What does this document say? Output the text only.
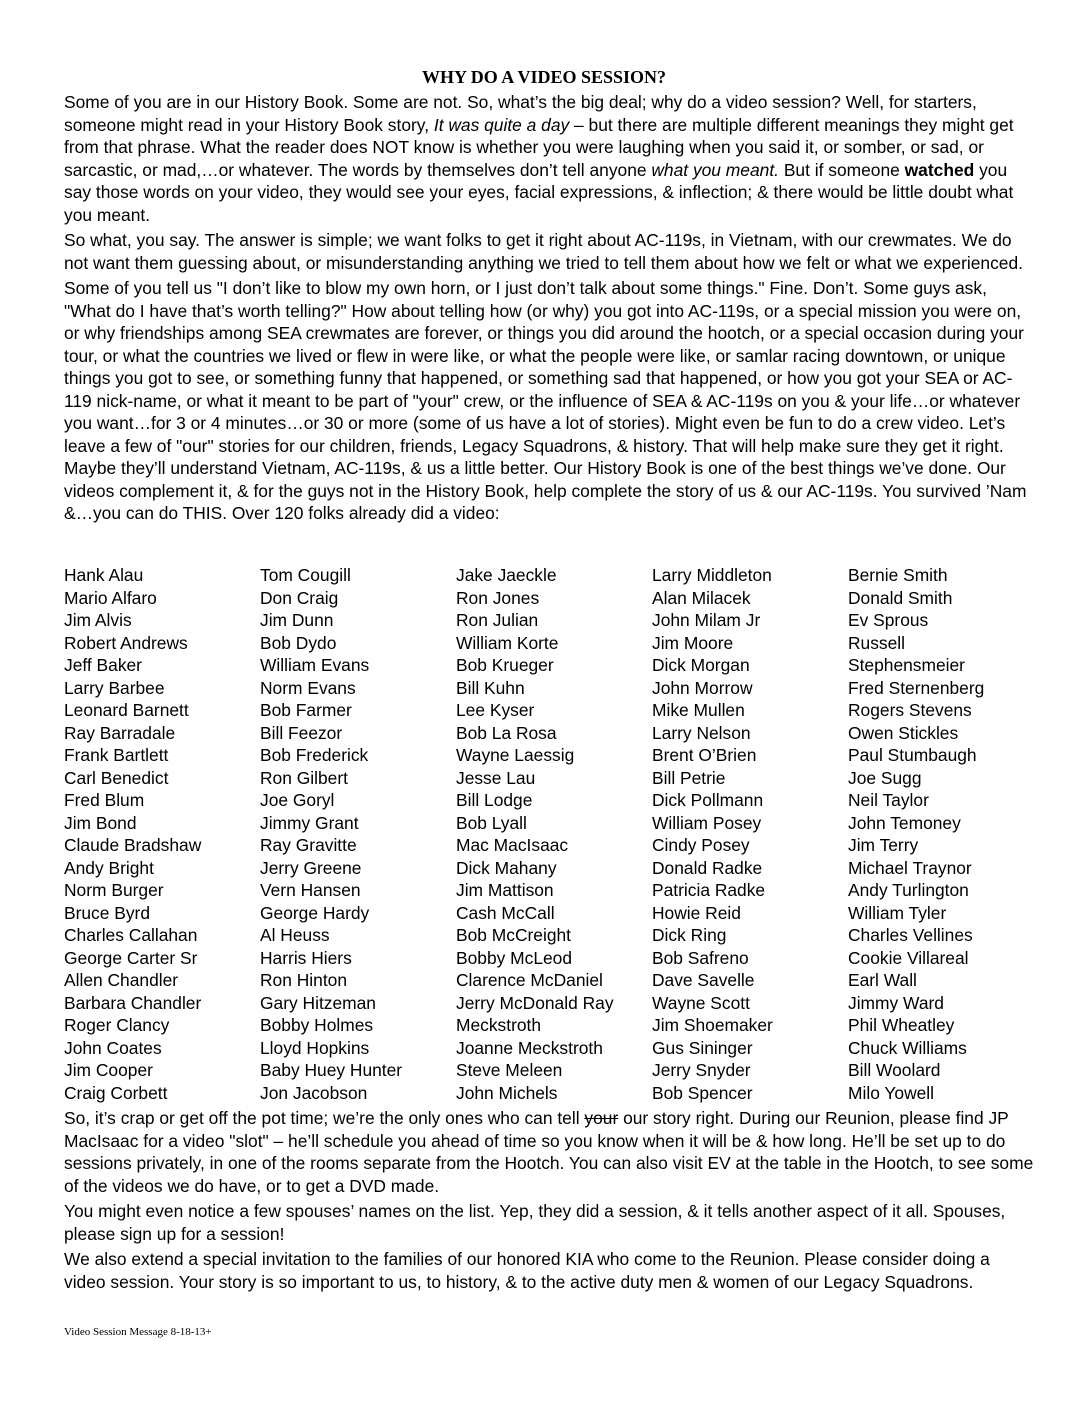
WHY DO A VIDEO SESSION?

Some of you are in our History Book. Some are not. So, what’s the big deal; why do a video session? Well, for starters, someone might read in your History Book story, It was quite a day – but there are multiple different meanings they might get from that phrase. What the reader does NOT know is whether you were laughing when you said it, or somber, or sad, or sarcastic, or mad,…or whatever. The words by themselves don’t tell anyone what you meant. But if someone watched you say those words on your video, they would see your eyes, facial expressions, & inflection; & there would be little doubt what you meant.

So what, you say. The answer is simple; we want folks to get it right about AC-119s, in Vietnam, with our crewmates. We do not want them guessing about, or misunderstanding anything we tried to tell them about how we felt or what we experienced.

Some of you tell us "I don’t like to blow my own horn, or I just don’t talk about some things." Fine. Don’t. Some guys ask, "What do I have that’s worth telling?" How about telling how (or why) you got into AC-119s, or a special mission you were on, or why friendships among SEA crewmates are forever, or things you did around the hootch, or a special occasion during your tour, or what the countries we lived or flew in were like, or what the people were like, or samlar racing downtown, or unique things you got to see, or something funny that happened, or something sad that happened, or how you got your SEA or AC-119 nick-name, or what it meant to be part of "your" crew, or the influence of SEA & AC-119s on you & your life…or whatever you want…for 3 or 4 minutes…or 30 or more (some of us have a lot of stories). Might even be fun to do a crew video. Let’s leave a few of "our" stories for our children, friends, Legacy Squadrons, & history. That will help make sure they get it right. Maybe they’ll understand Vietnam, AC-119s, & us a little better. Our History Book is one of the best things we’ve done. Our videos complement it, & for the guys not in the History Book, help complete the story of us & our AC-119s. You survived ’Nam &…you can do THIS. Over 120 folks already did a video:

Hank Alau
Mario Alfaro
Jim Alvis
Robert Andrews
Jeff Baker
Larry Barbee
Leonard Barnett
Ray Barradale
Frank Bartlett
Carl Benedict
Fred Blum
Jim Bond
Claude Bradshaw
Andy Bright
Norm Burger
Bruce Byrd
Charles Callahan
George Carter Sr
Allen Chandler
Barbara Chandler
Roger Clancy
John Coates
Jim Cooper
Craig Corbett
Tom Cougill
Don Craig
Jim Dunn
Bob Dydo
William Evans
Norm Evans
Bob Farmer
Bill Feezor
Bob Frederick
Ron Gilbert
Joe Goryl
Jimmy Grant
Ray Gravitte
Jerry Greene
Vern Hansen
George Hardy
Al Heuss
Harris Hiers
Ron Hinton
Gary Hitzeman
Bobby Holmes
Lloyd Hopkins
Baby Huey Hunter
Jon Jacobson
Jake Jaeckle
Ron Jones
Ron Julian
William Korte
Bob Krueger
Bill Kuhn
Lee Kyser
Bob La Rosa
Wayne Laessig
Jesse Lau
Bill Lodge
Bob Lyall
Mac MacIsaac
Dick Mahany
Jim Mattison
Cash McCall
Bob McCreight
Bobby McLeod
Clarence McDaniel
Jerry McDonald Ray
Meckstroth
Joanne Meckstroth
Steve Meleen
John Michels
Larry Middleton
Alan Milacek
John Milam Jr
Jim Moore
Dick Morgan
John Morrow
Mike Mullen
Larry Nelson
Brent O’Brien
Bill Petrie
Dick Pollmann
William Posey
Cindy Posey
Donald Radke
Patricia Radke
Howie Reid
Dick Ring
Bob Safreno
Dave Savelle
Wayne Scott
Jim Shoemaker
Gus Sininger
Jerry Snyder
Bob Spencer
Bernie Smith
Donald Smith
Ev Sprous
Russell
Stephensmeier
Fred Sternenberg
Rogers Stevens
Owen Stickles
Paul Stumbaugh
Joe Sugg
Neil Taylor
John Temoney
Jim Terry
Michael Traynor
Andy Turlington
William Tyler
Charles Vellines
Cookie Villareal
Earl Wall
Jimmy Ward
Phil Wheatley
Chuck Williams
Bill Woolard
Milo Yowell

So, it’s crap or get off the pot time; we’re the only ones who can tell your our story right. During our Reunion, please find JP MacIsaac for a video "slot" – he’ll schedule you ahead of time so you know when it will be & how long. He’ll be set up to do sessions privately, in one of the rooms separate from the Hootch. You can also visit EV at the table in the Hootch, to see some of the videos we do have, or to get a DVD made.

You might even notice a few spouses’ names on the list. Yep, they did a session, & it tells another aspect of it all. Spouses, please sign up for a session!

We also extend a special invitation to the families of our honored KIA who come to the Reunion. Please consider doing a video session. Your story is so important to us, to history, & to the active duty men & women of our Legacy Squadrons.

Video Session Message 8-18-13+
